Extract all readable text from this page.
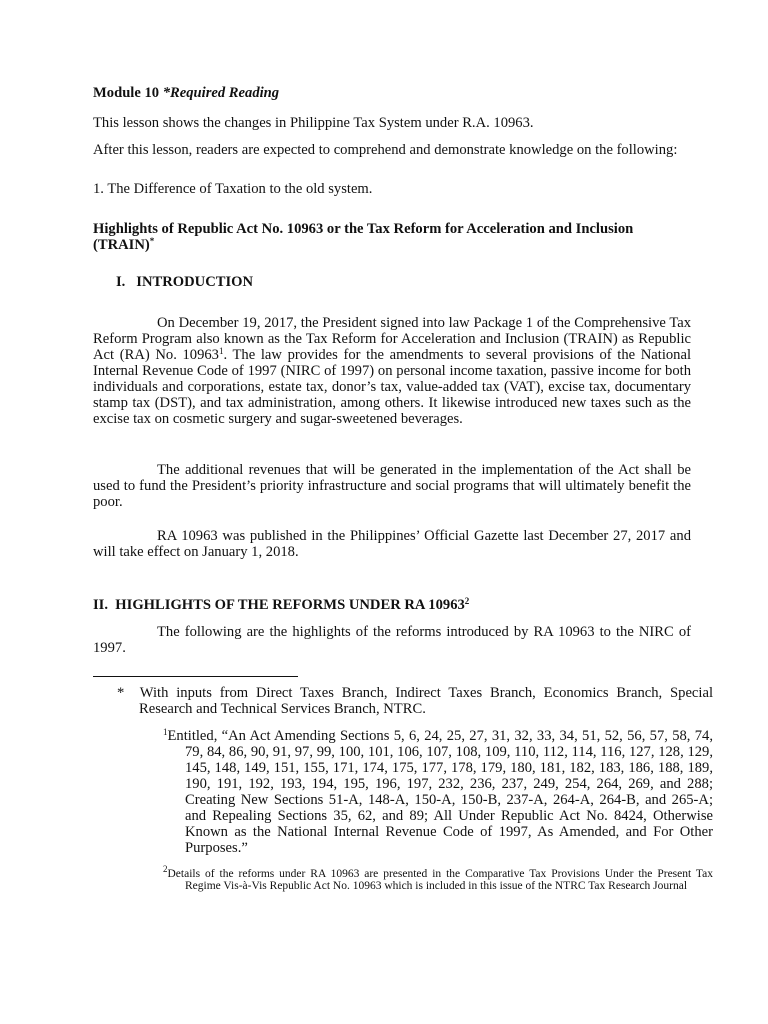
Module 10 *Required Reading

This lesson shows the changes in Philippine Tax System under R.A. 10963.

After this lesson, readers are expected to comprehend and demonstrate knowledge on the following:

1. The Difference of Taxation to the old system.

Highlights of Republic Act No. 10963 or the Tax Reform for Acceleration and Inclusion (TRAIN)*

I.   INTRODUCTION

On December 19, 2017, the President signed into law Package 1 of the Comprehensive Tax Reform Program also known as the Tax Reform for Acceleration and Inclusion (TRAIN) as Republic Act (RA) No. 10963$^1$. The law provides for the amendments to several provisions of the National Internal Revenue Code of 1997 (NIRC of 1997) on personal income taxation, passive income for both individuals and corporations, estate tax, donor’s tax, value-added tax (VAT), excise tax, documentary stamp tax (DST), and tax administration, among others. It likewise introduced new taxes such as the excise tax on cosmetic surgery and sugar-sweetened beverages.

The additional revenues that will be generated in the implementation of the Act shall be used to fund the President’s priority infrastructure and social programs that will ultimately benefit the poor.

RA 10963 was published in the Philippines’ Official Gazette last December 27, 2017 and will take effect on January 1, 2018.

II.  HIGHLIGHTS OF THE REFORMS UNDER RA 10963$^2$

The following are the highlights of the reforms introduced by RA 10963 to the NIRC of 1997.

* With inputs from Direct Taxes Branch, Indirect Taxes Branch, Economics Branch, Special Research and Technical Services Branch, NTRC.

$^1$Entitled, “An Act Amending Sections 5, 6, 24, 25, 27, 31, 32, 33, 34, 51, 52, 56, 57, 58, 74, 79, 84, 86, 90, 91, 97, 99, 100, 101, 106, 107, 108, 109, 110, 112, 114, 116, 127, 128, 129, 145, 148, 149, 151, 155, 171, 174, 175, 177, 178, 179, 180, 181, 182, 183, 186, 188, 189, 190, 191, 192, 193, 194, 195, 196, 197, 232, 236, 237, 249, 254, 264, 269, and 288; Creating New Sections 51-A, 148-A, 150-A, 150-B, 237-A, 264-A, 264-B, and 265-A; and Repealing Sections 35, 62, and 89; All Under Republic Act No. 8424, Otherwise Known as the National Internal Revenue Code of 1997, As Amended, and For Other Purposes.”

$^2$Details of the reforms under RA 10963 are presented in the Comparative Tax Provisions Under the Present Tax Regime Vis-à-Vis Republic Act No. 10963 which is included in this issue of the NTRC Tax Research Journal
